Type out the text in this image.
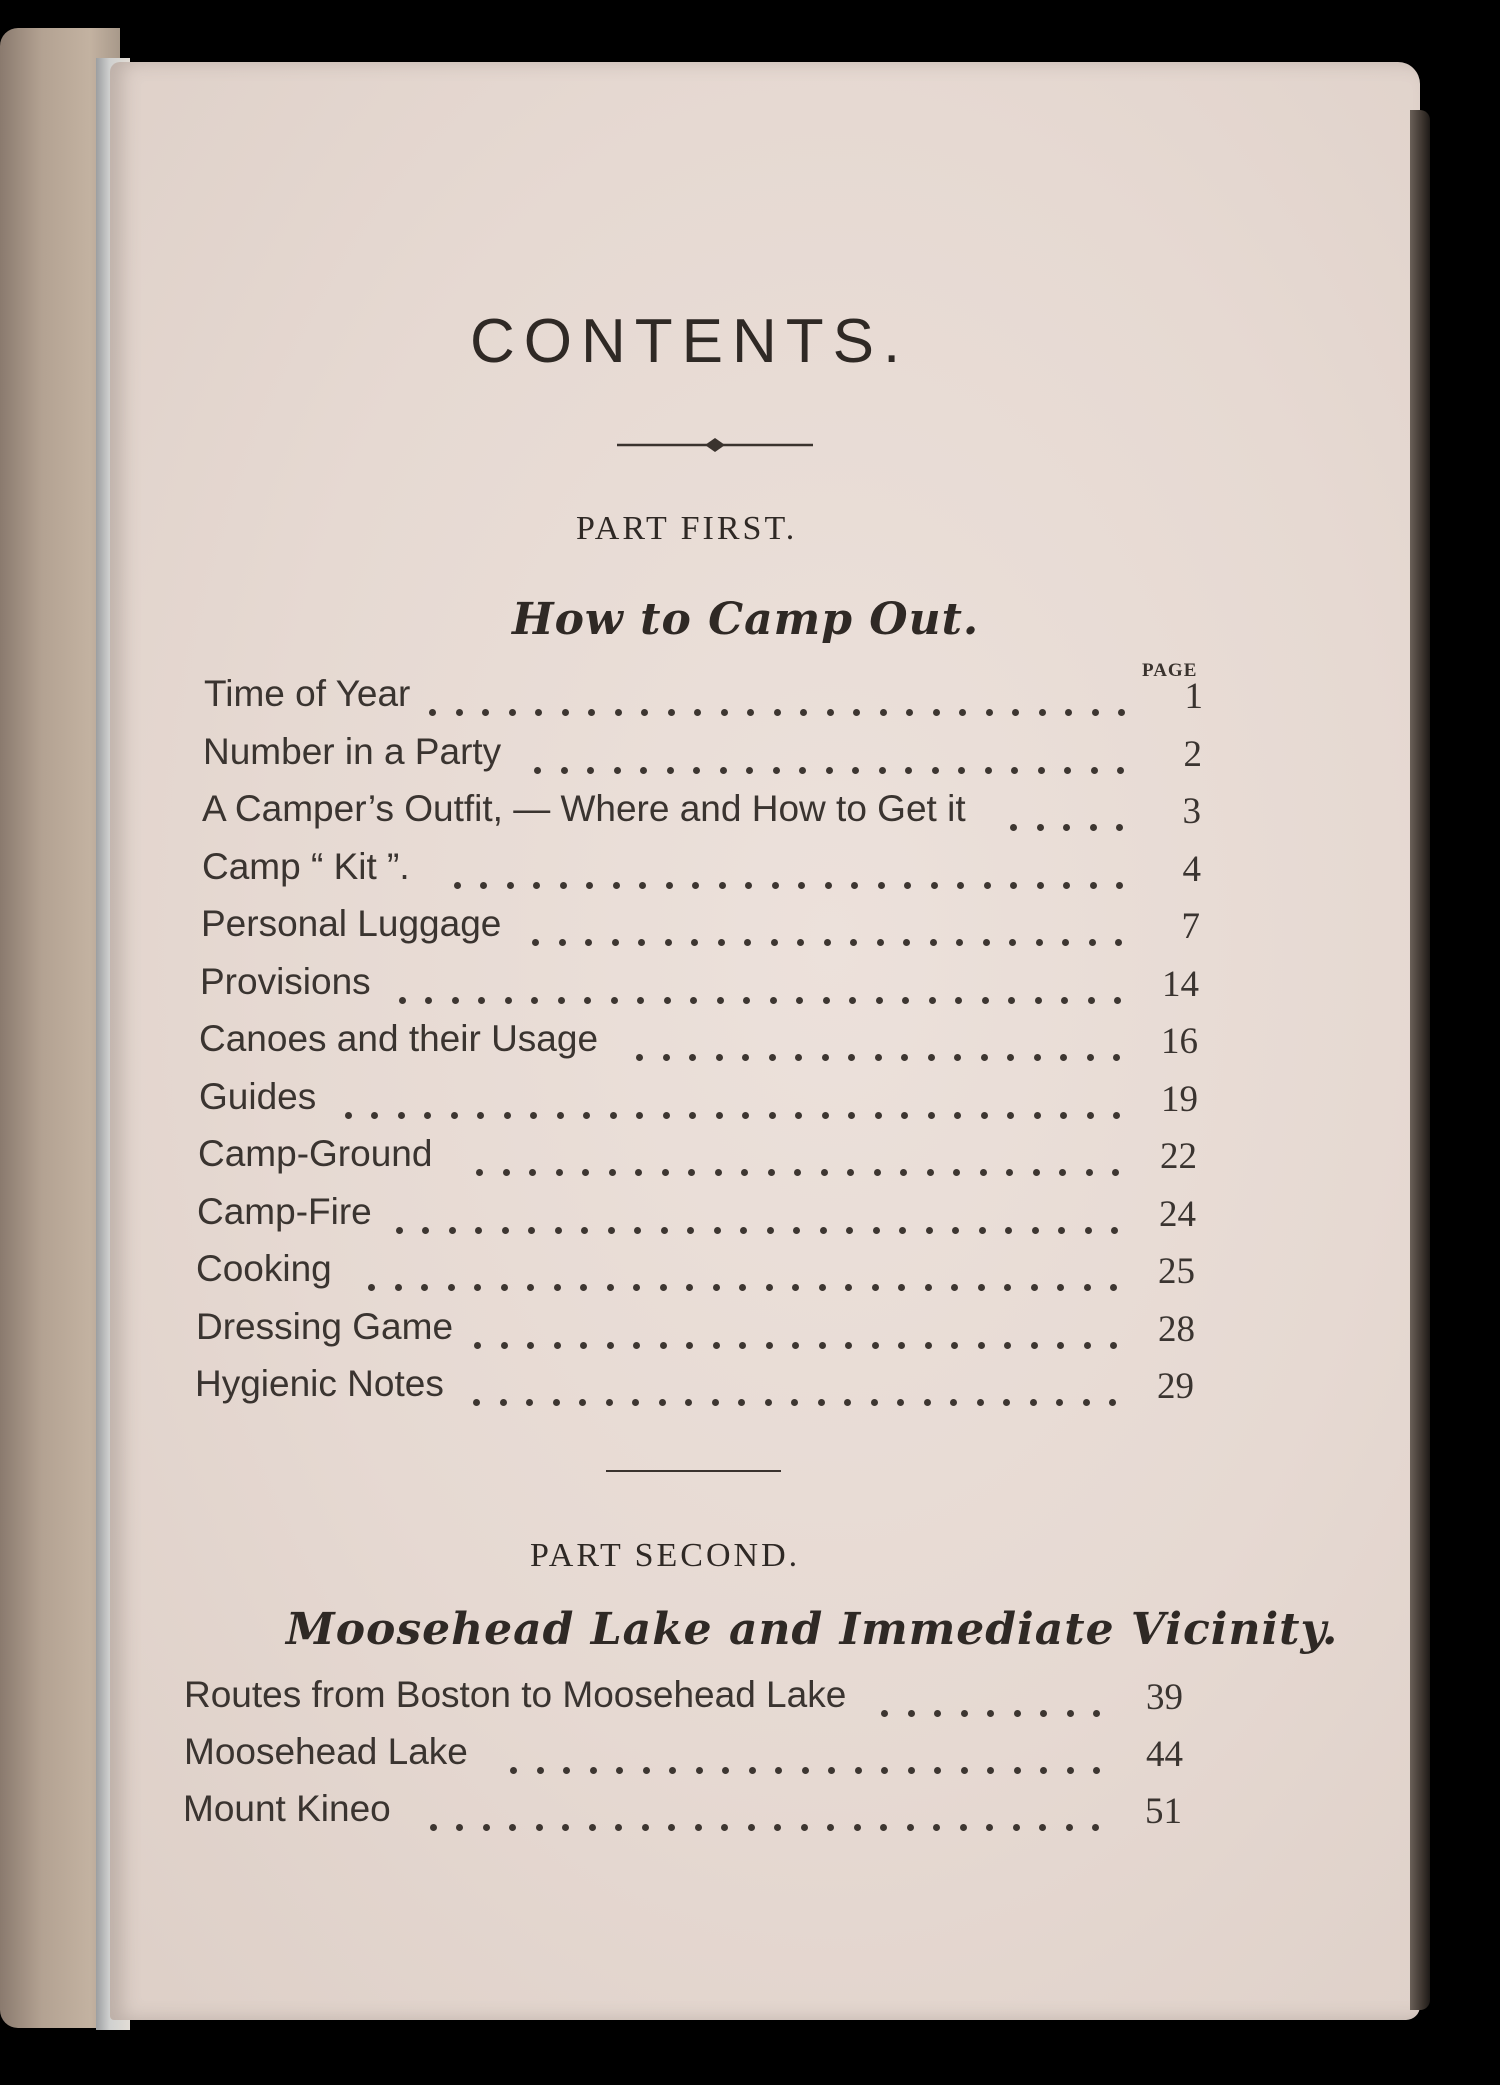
CONTENTS.
PART FIRST.
How to Camp Out.
PAGE
Time of Year	1
Number in a Party	2
A Camper’s Outfit, — Where and How to Get it	3
Camp “ Kit ”.	4
Personal Luggage	7
Provisions	14
Canoes and their Usage	16
Guides	19
Camp-Ground	22
Camp-Fire	24
Cooking	25
Dressing Game	28
Hygienic Notes	29
PART SECOND.
Moosehead Lake and Immediate Vicinity.
Routes from Boston to Moosehead Lake	39
Moosehead Lake	44
Mount Kineo	51
